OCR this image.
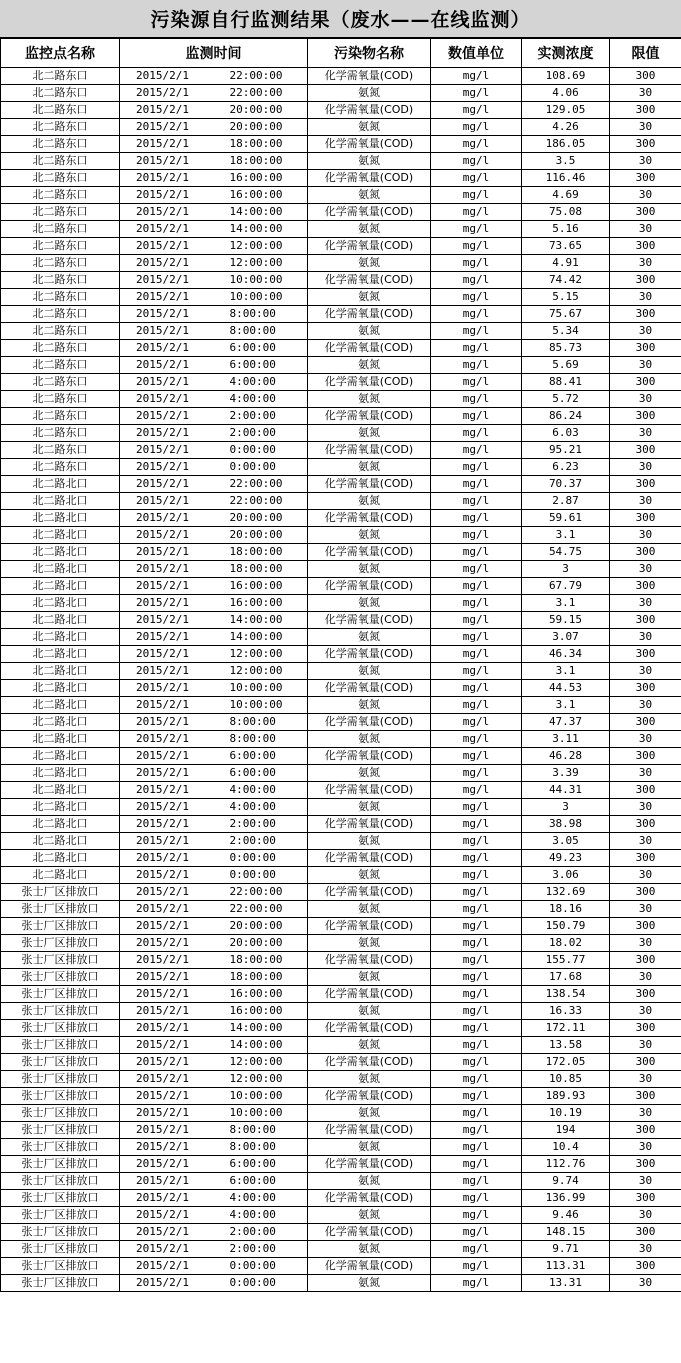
污染源自行监测结果（废水——在线监测）
监控点名称	监测时间		污染物名称	数值单位	实测浓度	限值
北二路东口	2015/2/1	22:00:00	化学需氧量(COD)	mg/l	108.69	300
北二路东口	2015/2/1	22:00:00	氨氮	mg/l	4.06	30
北二路东口	2015/2/1	20:00:00	化学需氧量(COD)	mg/l	129.05	300
北二路东口	2015/2/1	20:00:00	氨氮	mg/l	4.26	30
北二路东口	2015/2/1	18:00:00	化学需氧量(COD)	mg/l	186.05	300
北二路东口	2015/2/1	18:00:00	氨氮	mg/l	3.5	30
北二路东口	2015/2/1	16:00:00	化学需氧量(COD)	mg/l	116.46	300
北二路东口	2015/2/1	16:00:00	氨氮	mg/l	4.69	30
北二路东口	2015/2/1	14:00:00	化学需氧量(COD)	mg/l	75.08	300
北二路东口	2015/2/1	14:00:00	氨氮	mg/l	5.16	30
北二路东口	2015/2/1	12:00:00	化学需氧量(COD)	mg/l	73.65	300
北二路东口	2015/2/1	12:00:00	氨氮	mg/l	4.91	30
北二路东口	2015/2/1	10:00:00	化学需氧量(COD)	mg/l	74.42	300
北二路东口	2015/2/1	10:00:00	氨氮	mg/l	5.15	30
北二路东口	2015/2/1	8:00:00	化学需氧量(COD)	mg/l	75.67	300
北二路东口	2015/2/1	8:00:00	氨氮	mg/l	5.34	30
北二路东口	2015/2/1	6:00:00	化学需氧量(COD)	mg/l	85.73	300
北二路东口	2015/2/1	6:00:00	氨氮	mg/l	5.69	30
北二路东口	2015/2/1	4:00:00	化学需氧量(COD)	mg/l	88.41	300
北二路东口	2015/2/1	4:00:00	氨氮	mg/l	5.72	30
北二路东口	2015/2/1	2:00:00	化学需氧量(COD)	mg/l	86.24	300
北二路东口	2015/2/1	2:00:00	氨氮	mg/l	6.03	30
北二路东口	2015/2/1	0:00:00	化学需氧量(COD)	mg/l	95.21	300
北二路东口	2015/2/1	0:00:00	氨氮	mg/l	6.23	30
北二路北口	2015/2/1	22:00:00	化学需氧量(COD)	mg/l	70.37	300
北二路北口	2015/2/1	22:00:00	氨氮	mg/l	2.87	30
北二路北口	2015/2/1	20:00:00	化学需氧量(COD)	mg/l	59.61	300
北二路北口	2015/2/1	20:00:00	氨氮	mg/l	3.1	30
北二路北口	2015/2/1	18:00:00	化学需氧量(COD)	mg/l	54.75	300
北二路北口	2015/2/1	18:00:00	氨氮	mg/l	3	30
北二路北口	2015/2/1	16:00:00	化学需氧量(COD)	mg/l	67.79	300
北二路北口	2015/2/1	16:00:00	氨氮	mg/l	3.1	30
北二路北口	2015/2/1	14:00:00	化学需氧量(COD)	mg/l	59.15	300
北二路北口	2015/2/1	14:00:00	氨氮	mg/l	3.07	30
北二路北口	2015/2/1	12:00:00	化学需氧量(COD)	mg/l	46.34	300
北二路北口	2015/2/1	12:00:00	氨氮	mg/l	3.1	30
北二路北口	2015/2/1	10:00:00	化学需氧量(COD)	mg/l	44.53	300
北二路北口	2015/2/1	10:00:00	氨氮	mg/l	3.1	30
北二路北口	2015/2/1	8:00:00	化学需氧量(COD)	mg/l	47.37	300
北二路北口	2015/2/1	8:00:00	氨氮	mg/l	3.11	30
北二路北口	2015/2/1	6:00:00	化学需氧量(COD)	mg/l	46.28	300
北二路北口	2015/2/1	6:00:00	氨氮	mg/l	3.39	30
北二路北口	2015/2/1	4:00:00	化学需氧量(COD)	mg/l	44.31	300
北二路北口	2015/2/1	4:00:00	氨氮	mg/l	3	30
北二路北口	2015/2/1	2:00:00	化学需氧量(COD)	mg/l	38.98	300
北二路北口	2015/2/1	2:00:00	氨氮	mg/l	3.05	30
北二路北口	2015/2/1	0:00:00	化学需氧量(COD)	mg/l	49.23	300
北二路北口	2015/2/1	0:00:00	氨氮	mg/l	3.06	30
张士厂区排放口	2015/2/1	22:00:00	化学需氧量(COD)	mg/l	132.69	300
张士厂区排放口	2015/2/1	22:00:00	氨氮	mg/l	18.16	30
张士厂区排放口	2015/2/1	20:00:00	化学需氧量(COD)	mg/l	150.79	300
张士厂区排放口	2015/2/1	20:00:00	氨氮	mg/l	18.02	30
张士厂区排放口	2015/2/1	18:00:00	化学需氧量(COD)	mg/l	155.77	300
张士厂区排放口	2015/2/1	18:00:00	氨氮	mg/l	17.68	30
张士厂区排放口	2015/2/1	16:00:00	化学需氧量(COD)	mg/l	138.54	300
张士厂区排放口	2015/2/1	16:00:00	氨氮	mg/l	16.33	30
张士厂区排放口	2015/2/1	14:00:00	化学需氧量(COD)	mg/l	172.11	300
张士厂区排放口	2015/2/1	14:00:00	氨氮	mg/l	13.58	30
张士厂区排放口	2015/2/1	12:00:00	化学需氧量(COD)	mg/l	172.05	300
张士厂区排放口	2015/2/1	12:00:00	氨氮	mg/l	10.85	30
张士厂区排放口	2015/2/1	10:00:00	化学需氧量(COD)	mg/l	189.93	300
张士厂区排放口	2015/2/1	10:00:00	氨氮	mg/l	10.19	30
张士厂区排放口	2015/2/1	8:00:00	化学需氧量(COD)	mg/l	194	300
张士厂区排放口	2015/2/1	8:00:00	氨氮	mg/l	10.4	30
张士厂区排放口	2015/2/1	6:00:00	化学需氧量(COD)	mg/l	112.76	300
张士厂区排放口	2015/2/1	6:00:00	氨氮	mg/l	9.74	30
张士厂区排放口	2015/2/1	4:00:00	化学需氧量(COD)	mg/l	136.99	300
张士厂区排放口	2015/2/1	4:00:00	氨氮	mg/l	9.46	30
张士厂区排放口	2015/2/1	2:00:00	化学需氧量(COD)	mg/l	148.15	300
张士厂区排放口	2015/2/1	2:00:00	氨氮	mg/l	9.71	30
张士厂区排放口	2015/2/1	0:00:00	化学需氧量(COD)	mg/l	113.31	300
张士厂区排放口	2015/2/1	0:00:00	氨氮	mg/l	13.31	30
